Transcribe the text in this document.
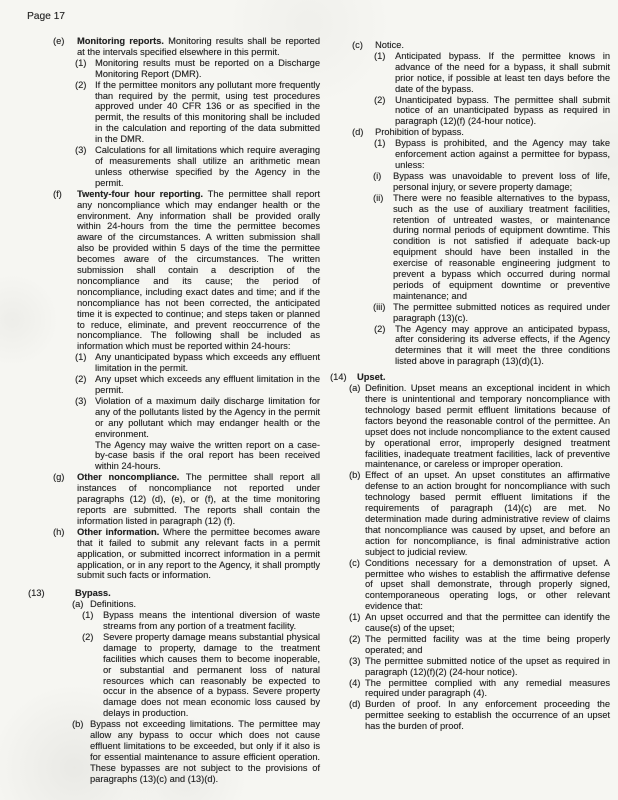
Page 17
(e)	Monitoring reports. Monitoring results shall be reported at the intervals specified elsewhere in this permit.
(1) Monitoring results must be reported on a Discharge Monitoring Report (DMR).
(2) If the permittee monitors any pollutant more frequently than required by the permit, using test procedures approved under 40 CFR 136 or as specified in the permit, the results of this monitoring shall be included in the calculation and reporting of the data submitted in the DMR.
(3) Calculations for all limitations which require averaging of measurements shall utilize an arithmetic mean unless otherwise specified by the Agency in the permit.
(f)	Twenty-four hour reporting. The permittee shall report any noncompliance which may endanger health or the environment. Any information shall be provided orally within 24-hours from the time the permittee becomes aware of the circumstances. A written submission shall also be provided within 5 days of the time the permittee becomes aware of the circumstances. The written submission shall contain a description of the noncompliance and its cause; the period of noncompliance, including exact dates and time; and if the noncompliance has not been corrected, the anticipated time it is expected to continue; and steps taken or planned to reduce, eliminate, and prevent reoccurrence of the noncompliance. The following shall be included as information which must be reported within 24-hours:
(1) Any unanticipated bypass which exceeds any effluent limitation in the permit.
(2) Any upset which exceeds any effluent limitation in the permit.
(3) Violation of a maximum daily discharge limitation for any of the pollutants listed by the Agency in the permit or any pollutant which may endanger health or the environment.
The Agency may waive the written report on a case-by-case basis if the oral report has been received within 24-hours.
(g)	Other noncompliance. The permittee shall report all instances of noncompliance not reported under paragraphs (12) (d), (e), or (f), at the time monitoring reports are submitted. The reports shall contain the information listed in paragraph (12) (f).
(h)	Other information. Where the permittee becomes aware that it failed to submit any relevant facts in a permit application, or submitted incorrect information in a permit application, or in any report to the Agency, it shall promptly submit such facts or information.
(13)	Bypass.
(a) Definitions.
(1)	Bypass means the intentional diversion of waste streams from any portion of a treatment facility.
(2)	Severe property damage means substantial physical damage to property, damage to the treatment facilities which causes them to become inoperable, or substantial and permanent loss of natural resources which can reasonably be expected to occur in the absence of a bypass. Severe property damage does not mean economic loss caused by delays in production.
(b) Bypass not exceeding limitations. The permittee may allow any bypass to occur which does not cause effluent limitations to be exceeded, but only if it also is for essential maintenance to assure efficient operation. These bypasses are not subject to the provisions of paragraphs (13)(c) and (13)(d).
(c)	Notice.
(1)	Anticipated bypass. If the permittee knows in advance of the need for a bypass, it shall submit prior notice, if possible at least ten days before the date of the bypass.
(2)	Unanticipated bypass. The permittee shall submit notice of an unanticipated bypass as required in paragraph (12)(f) (24-hour notice).
(d)	Prohibition of bypass.
(1)	Bypass is prohibited, and the Agency may take enforcement action against a permittee for bypass, unless:
(i)	Bypass was unavoidable to prevent loss of life, personal injury, or severe property damage;
(ii)	There were no feasible alternatives to the bypass, such as the use of auxiliary treatment facilities, retention of untreated wastes, or maintenance during normal periods of equipment downtime. This condition is not satisfied if adequate back-up equipment should have been installed in the exercise of reasonable engineering judgment to prevent a bypass which occurred during normal periods of equipment downtime or preventive maintenance; and
(iii) The permittee submitted notices as required under paragraph (13)(c).
(2)	The Agency may approve an anticipated bypass, after considering its adverse effects, if the Agency determines that it will meet the three conditions listed above in paragraph (13)(d)(1).
(14)	Upset.
(a) Definition. Upset means an exceptional incident in which there is unintentional and temporary noncompliance with technology based permit effluent limitations because of factors beyond the reasonable control of the permittee. An upset does not include noncompliance to the extent caused by operational error, improperly designed treatment facilities, inadequate treatment facilities, lack of preventive maintenance, or careless or improper operation.
(b) Effect of an upset. An upset constitutes an affirmative defense to an action brought for noncompliance with such technology based permit effluent limitations if the requirements of paragraph (14)(c) are met. No determination made during administrative review of claims that noncompliance was caused by upset, and before an action for noncompliance, is final administrative action subject to judicial review.
(c) Conditions necessary for a demonstration of upset. A permittee who wishes to establish the affirmative defense of upset shall demonstrate, through properly signed, contemporaneous operating logs, or other relevant evidence that:
(1) An upset occurred and that the permittee can identify the cause(s) of the upset;
(2) The permitted facility was at the time being properly operated; and
(3) The permittee submitted notice of the upset as required in paragraph (12)(f)(2) (24-hour notice).
(4) The permittee complied with any remedial measures required under paragraph (4).
(d) Burden of proof. In any enforcement proceeding the permittee seeking to establish the occurrence of an upset has the burden of proof.
